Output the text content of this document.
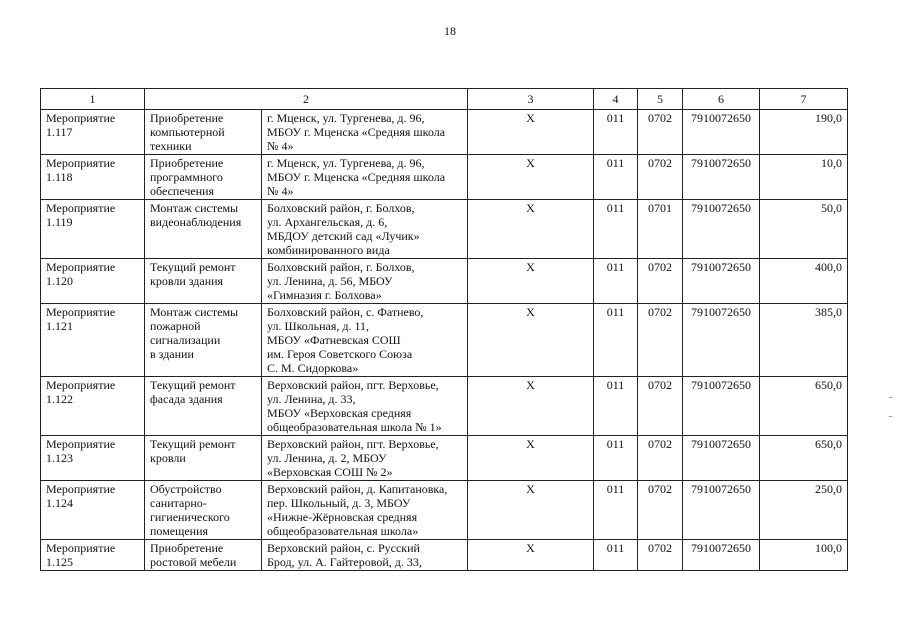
18
1	2		3	4	5	6	7

Мероприятие
1.117	Приобретение
компьютерной
техники	г. Мценск, ул. Тургенева, д. 96,
МБОУ г. Мценска «Средняя школа
№ 4»	X	011	0702	7910072650	190,0

Мероприятие
1.118	Приобретение
программного
обеспечения	г. Мценск, ул. Тургенева, д. 96,
МБОУ г. Мценска «Средняя школа
№ 4»	X	011	0702	7910072650	10,0

Мероприятие
1.119	Монтаж системы
видеонаблюдения	Болховский район, г. Болхов,
ул. Архангельская, д. 6,
МБДОУ детский сад «Лучик»
комбинированного вида	X	011	0701	7910072650	50,0

Мероприятие
1.120	Текущий ремонт
кровли здания	Болховский район, г. Болхов,
ул. Ленина, д. 56, МБОУ
«Гимназия г. Болхова»	X	011	0702	7910072650	400,0

Мероприятие
1.121	Монтаж системы
пожарной
сигнализации
в здании	Болховский район, с. Фатнево,
ул. Школьная, д. 11,
МБОУ «Фатневская СОШ
им. Героя Советского Союза
С. М. Сидоркова»	X	011	0702	7910072650	385,0

Мероприятие
1.122	Текущий ремонт
фасада здания	Верховский район, пгт. Верховье,
ул. Ленина, д. 33,
МБОУ «Верховская средняя
общеобразовательная школа № 1»	X	011	0702	7910072650	650,0

Мероприятие
1.123	Текущий ремонт
кровли	Верховский район, пгт. Верховье,
ул. Ленина, д. 2, МБОУ
«Верховская СОШ № 2»	X	011	0702	7910072650	650,0

Мероприятие
1.124	Обустройство
санитарно-
гигиенического
помещения	Верховский район, д. Капитановка,
пер. Школьный, д. 3, МБОУ
«Нижне-Жёрновская средняя
общеобразовательная школа»	X	011	0702	7910072650	250,0

Мероприятие
1.125	Приобретение
ростовой мебели	Верховский район, с. Русский
Брод, ул. А. Гайтеровой, д. 33,	X	011	0702	7910072650	100,0
